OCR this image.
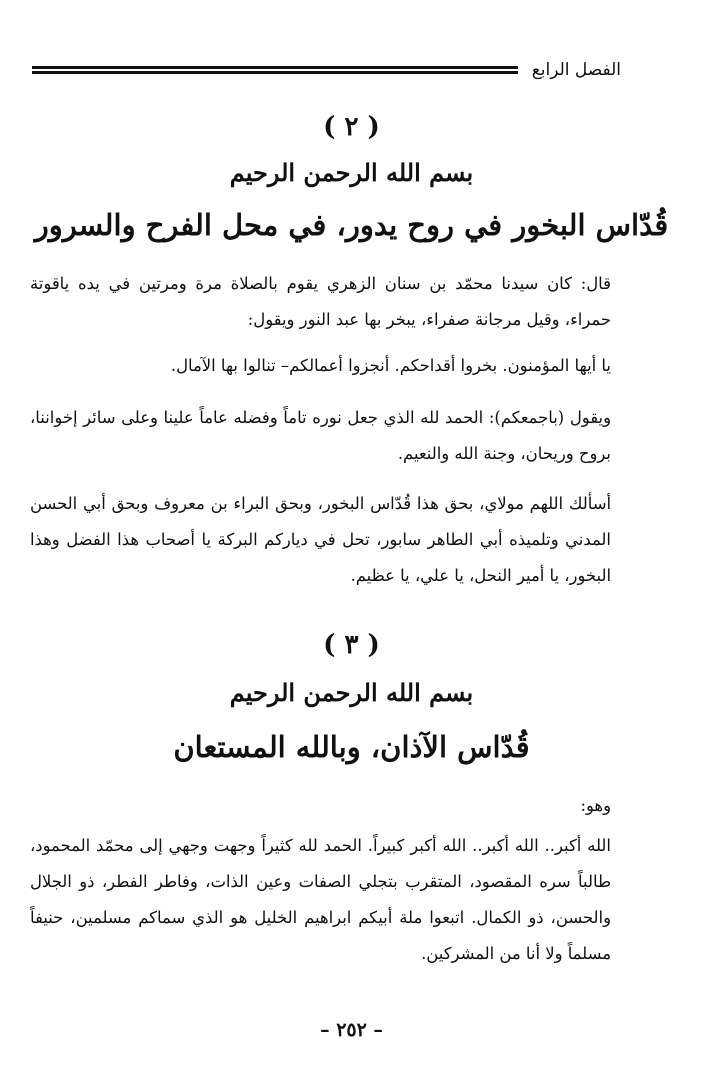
الفصل الرابع
( ٢ )
بسم الله الرحمن الرحيم
قُدّاس البخور في روح يدور، في محل الفرح والسرور

قال: كان سيدنا محمّد بن سنان الزهري يقوم بالصلاة مرة ومرتين في يده ياقوتة حمراء، وقيل مرجانة صفراء، يبخر بها عبد النور ويقول:

يا أيها المؤمنون. بخروا أقداحكم. أنجزوا أعمالكم– تنالوا بها الآمال.

ويقول (باجمعكم): الحمد لله الذي جعل نوره تاماً وفضله عاماً علينا وعلى سائر إخواننا، بروح وريحان، وجنة الله والنعيم.

أسألك اللهم مولاي، بحق هذا قُدّاس البخور، وبحق البراء بن معروف وبحق أبي الحسن المدني وتلميذه أبي الطاهر سابور، تحل في دياركم البركة يا أصحاب هذا الفضل وهذا البخور، يا أمير النحل، يا علي، يا عظيم.

( ٣ )
بسم الله الرحمن الرحيم
قُدّاس الآذان، وبالله المستعان

وهو:

الله أكبر.. الله أكبر.. الله أكبر كبيراً. الحمد لله كثيراً وجهت وجهي إلى محمّد المحمود، طالباً سره المقصود، المتقرب بتجلي الصفات وعين الذات، وفاطر الفطر، ذو الجلال والحسن، ذو الكمال. اتبعوا ملة أبيكم ابراهيم الخليل هو الذي سماكم مسلمين، حنيفاً مسلماً ولا أنا من المشركين.

– ٢٥٢ –
